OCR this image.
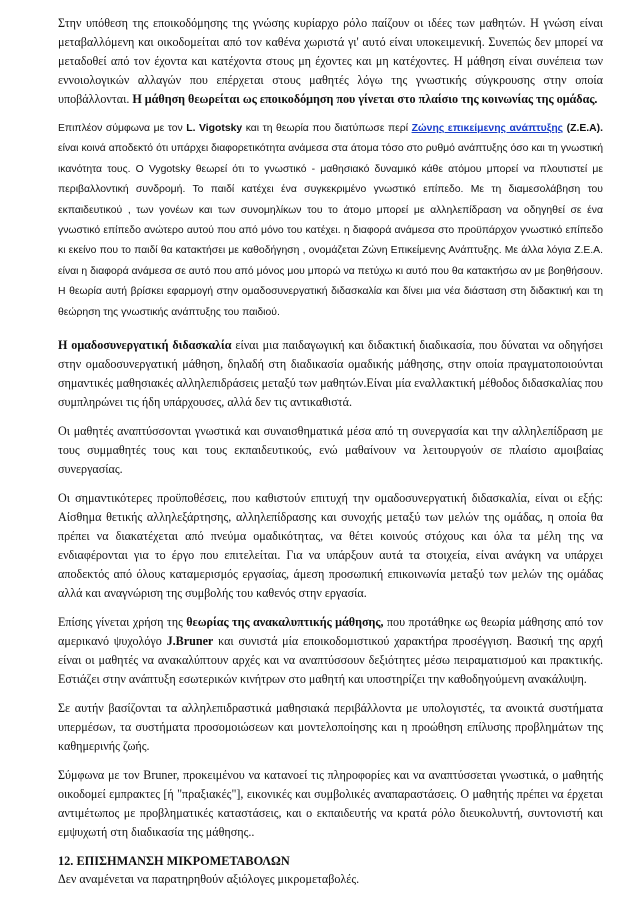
Στην υπόθεση της εποικοδόμησης της γνώσης κυρίαρχο ρόλο παίζουν οι ιδέες των μαθητών. Η γνώση είναι μεταβαλλόμενη και οικοδομείται από τον καθένα χωριστά γι' αυτό είναι υποκειμενική. Συνεπώς δεν μπορεί να μεταδοθεί από τον έχοντα και κατέχοντα στους μη έχοντες και μη κατέχοντες. Η μάθηση είναι συνέπεια των εννοιολογικών αλλαγών που επέρχεται στους μαθητές λόγω της γνωστικής σύγκρουσης στην οποία υποβάλλονται. Η μάθηση θεωρείται ως εποικοδόμηση που γίνεται στο πλαίσιο της κοινωνίας της ομάδας.

Επιπλέον σύμφωνα με τον L. Vigotsky και τη θεωρία που διατύπωσε περί Ζώνης επικείμενης ανάπτυξης (Z.E.A). είναι κοινά αποδεκτό ότι υπάρχει διαφορετικότητα ανάμεσα στα άτομα τόσο στο ρυθμό ανάπτυξης όσο και τη γνωστική ικανότητα τους. O Vygotsky θεωρεί ότι το γνωστικό - μαθησιακό δυναμικό κάθε ατόμου μπορεί να πλουτιστεί με περιβαλλοντική συνδρομή. Το παιδί κατέχει ένα συγκεκριμένο γνωστικό επίπεδο. Με τη διαμεσολάβηση του εκπαιδευτικού , των γονέων και των συνομηλίκων του το άτομο μπορεί με αλληλεπίδραση να οδηγηθεί σε ένα γνωστικό επίπεδο ανώτερο αυτού που από μόνο του κατέχει. η διαφορά ανάμεσα στο προϋπάρχον γνωστικό επίπεδο κι εκείνο που το παιδί θα κατακτήσει με καθοδήγηση , ονομάζεται Ζώνη Επικείμενης Ανάπτυξης. Με άλλα λόγια Ζ.Ε.Α. είναι η διαφορά ανάμεσα σε αυτό που από μόνος μου μπορώ να πετύχω κι αυτό που θα κατακτήσω αν με βοηθήσουν. Η θεωρία αυτή βρίσκει εφαρμογή στην ομαδοσυνεργατική διδασκαλία και δίνει μια νέα διάσταση στη διδακτική και τη θεώρηση της γνωστικής ανάπτυξης του παιδιού.

Η ομαδοσυνεργατική διδασκαλία είναι μια παιδαγωγική και διδακτική διαδικασία, που δύναται να οδηγήσει στην ομαδοσυνεργατική μάθηση, δηλαδή στη διαδικασία ομαδικής μάθησης, στην οποία πραγματοποιούνται σημαντικές μαθησιακές αλληλεπιδράσεις μεταξύ των μαθητών.Είναι μία εναλλακτική μέθοδος διδασκαλίας που συμπληρώνει τις ήδη υπάρχουσες, αλλά δεν τις αντικαθιστά.

Οι μαθητές αναπτύσσονται γνωστικά και συναισθηματικά μέσα από τη συνεργασία και την αλληλεπίδραση με τους συμμαθητές τους και τους εκπαιδευτικούς, ενώ μαθαίνουν να λειτουργούν σε πλαίσιο αμοιβαίας συνεργασίας.

Οι σημαντικότερες προϋποθέσεις, που καθιστούν επιτυχή την ομαδοσυνεργατική διδασκαλία, είναι οι εξής: Αίσθημα θετικής αλληλεξάρτησης, αλληλεπίδρασης και συνοχής μεταξύ των μελών της ομάδας, η οποία θα πρέπει να διακατέχεται από πνεύμα ομαδικότητας, να θέτει κοινούς στόχους και όλα τα μέλη της να ενδιαφέρονται για το έργο που επιτελείται. Για να υπάρξουν αυτά τα στοιχεία, είναι ανάγκη να υπάρχει αποδεκτός από όλους καταμερισμός εργασίας, άμεση προσωπική επικοινωνία μεταξύ των μελών της ομάδας αλλά και αναγνώριση της συμβολής του καθενός στην εργασία.

Επίσης γίνεται χρήση της θεωρίας της ανακαλυπτικής μάθησης, που προτάθηκε ως θεωρία μάθησης από τον αμερικανό ψυχολόγο J.Bruner και συνιστά μία εποικοδομιστικού χαρακτήρα προσέγγιση. Βασική της αρχή είναι οι μαθητές να ανακαλύπτουν αρχές και να αναπτύσσουν δεξιότητες μέσω πειραματισμού και πρακτικής. Εστιάζει στην ανάπτυξη εσωτερικών κινήτρων στο μαθητή και υποστηρίζει την καθοδηγούμενη ανακάλυψη.

Σε αυτήν βασίζονται τα αλληλεπιδραστικά μαθησιακά περιβάλλοντα με υπολογιστές, τα ανοικτά συστήματα υπερμέσων, τα συστήματα προσομοιώσεων και μοντελοποίησης και η προώθηση επίλυσης προβλημάτων της καθημερινής ζωής.

Σύμφωνα με τον Bruner, προκειμένου να κατανοεί τις πληροφορίες και να αναπτύσσεται γνωστικά, ο μαθητής οικοδομεί εμπρακτες [ή "πραξιακές"], εικονικές και συμβολικές αναπαραστάσεις. Ο μαθητής πρέπει να έρχεται αντιμέτωπος με προβληματικές καταστάσεις, και ο εκπαιδευτής να κρατά ρόλο διευκολυντή, συντονιστή και εμψυχωτή στη διαδικασία της μάθησης..

12. ΕΠΙΣΗΜΑΝΣΗ ΜΙΚΡΟΜΕΤΑΒΟΛΩΝ

Δεν αναμένεται να παρατηρηθούν αξιόλογες μικρομεταβολές.
